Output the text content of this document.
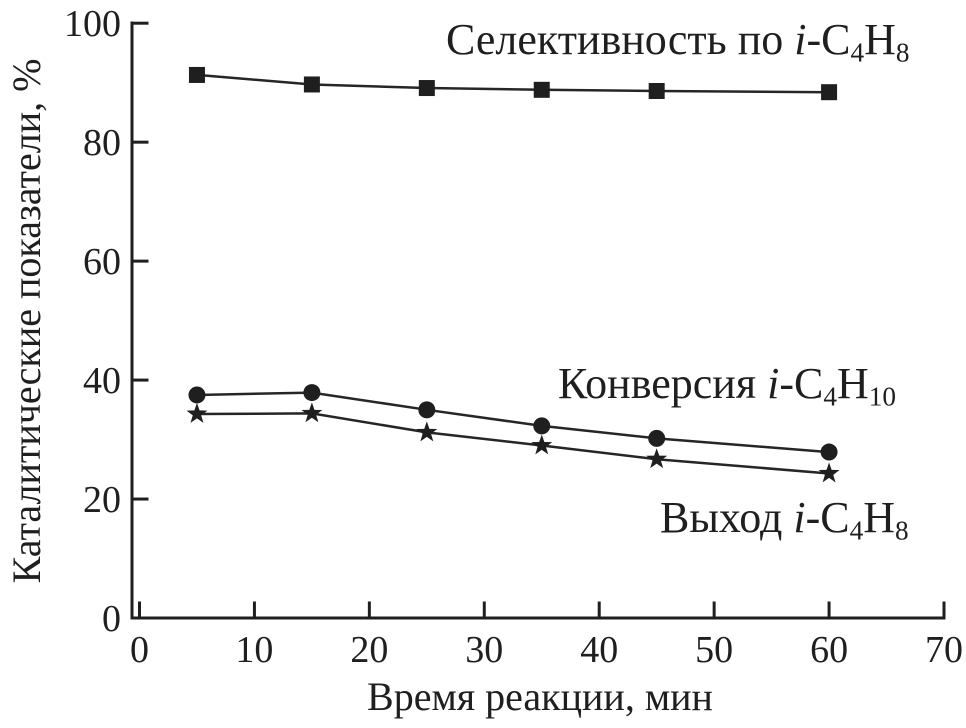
0 10 20 30 40 50 60 70
0
20
40
60
80
100
Каталитические показатели, %
Время реакции, мин
Селективность по $i-C_4H_8$
Конверсия $i-C_4H_{10}$
Выход $i-C_4H_8$
